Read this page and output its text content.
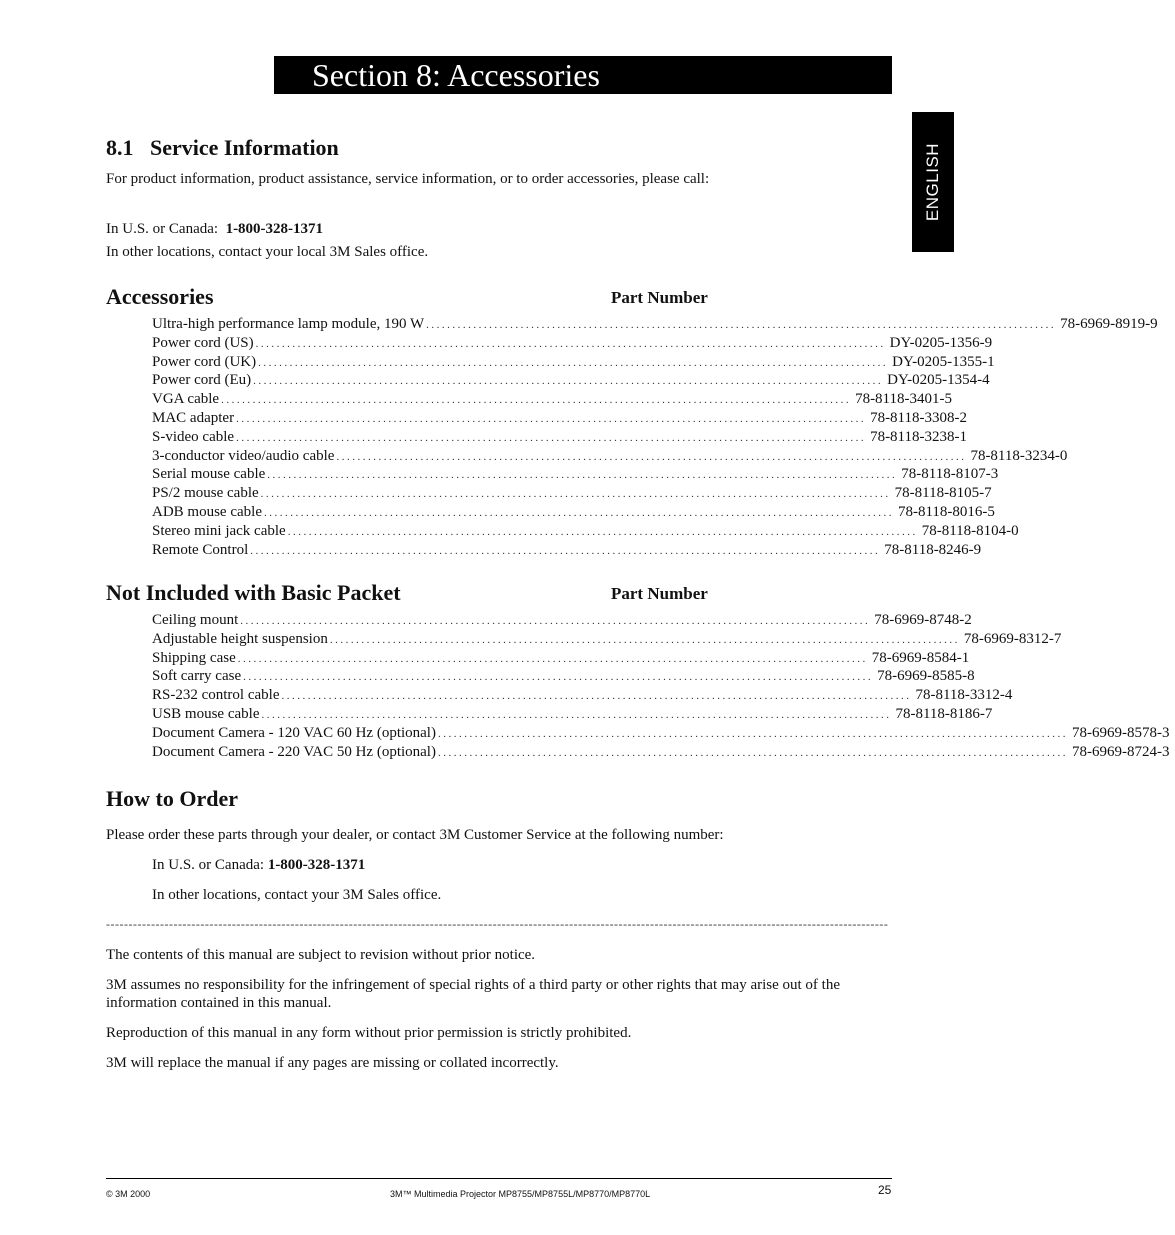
Section 8: Accessories
ENGLISH
8.1   Service Information
For product information, product assistance, service information, or to order accessories, please call:
In U.S. or Canada: 1-800-328-1371
In other locations, contact your local 3M Sales office.
Accessories	Part Number
Ultra-high performance lamp module, 190 W ........................................................................................................................ 78-6969-8919-9
Power cord (US) ........................................................................................................................ DY-0205-1356-9
Power cord (UK) ........................................................................................................................ DY-0205-1355-1
Power cord (Eu) ........................................................................................................................ DY-0205-1354-4
VGA cable ........................................................................................................................ 78-8118-3401-5
MAC adapter ........................................................................................................................ 78-8118-3308-2
S-video cable ........................................................................................................................ 78-8118-3238-1
3-conductor video/audio cable ........................................................................................................................ 78-8118-3234-0
Serial mouse cable ........................................................................................................................ 78-8118-8107-3
PS/2 mouse cable ........................................................................................................................ 78-8118-8105-7
ADB mouse cable ........................................................................................................................ 78-8118-8016-5
Stereo mini jack cable ........................................................................................................................ 78-8118-8104-0
Remote Control ........................................................................................................................ 78-8118-8246-9
Not Included with Basic Packet	Part Number
Ceiling mount ........................................................................................................................ 78-6969-8748-2
Adjustable height suspension ........................................................................................................................ 78-6969-8312-7
Shipping case ........................................................................................................................ 78-6969-8584-1
Soft carry case ........................................................................................................................ 78-6969-8585-8
RS-232 control cable ........................................................................................................................ 78-8118-3312-4
USB mouse cable ........................................................................................................................ 78-8118-8186-7
Document Camera - 120 VAC 60 Hz (optional) ........................................................................................................................ 78-6969-8578-3
Document Camera - 220 VAC 50 Hz (optional) ........................................................................................................................ 78-6969-8724-3
How to Order
Please order these parts through your dealer, or contact 3M Customer Service at the following number:
In U.S. or Canada: 1-800-328-1371
In other locations, contact your 3M Sales office.
------------------------------------------------------------------------------------------------------------------------------------------------------------------------------
The contents of this manual are subject to revision without prior notice.
3M assumes no responsibility for the infringement of special rights of a third party or other rights that may arise out of the information contained in this manual.
Reproduction of this manual in any form without prior permission is strictly prohibited.
3M will replace the manual if any pages are missing or collated incorrectly.
© 3M 2000	3M™ Multimedia Projector MP8755/MP8755L/MP8770/MP8770L	25
